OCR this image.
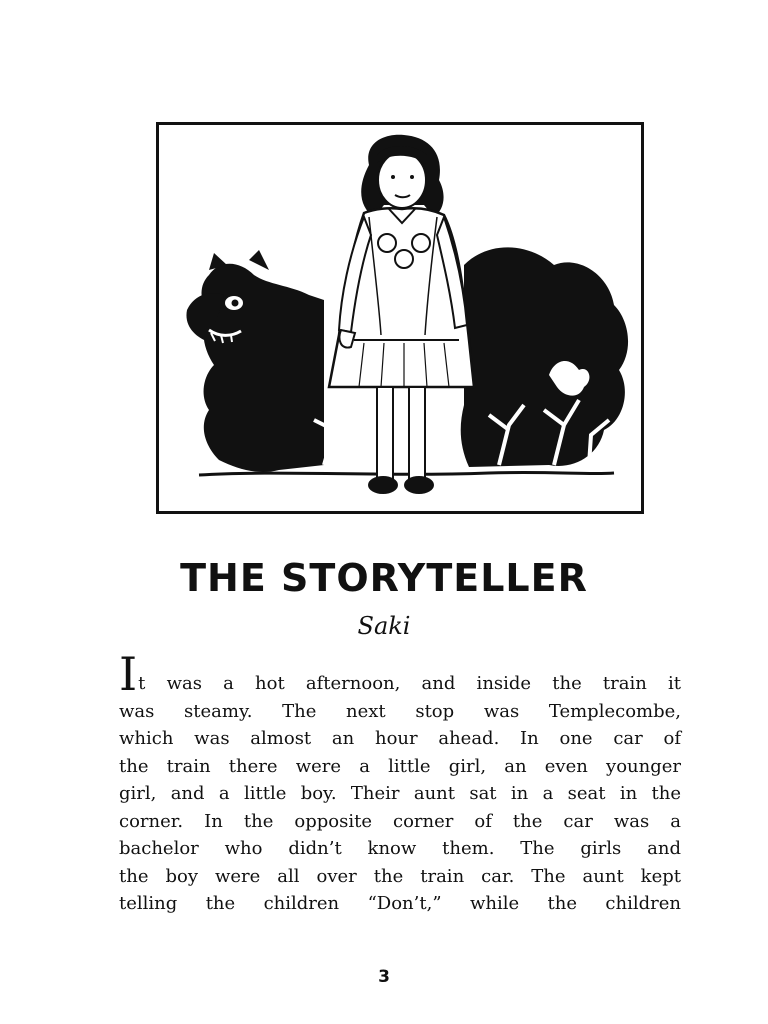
THE STORYTELLER

Saki

It was a hot afternoon, and inside the train it
was steamy. The next stop was Templecombe,
which was almost an hour ahead. In one car of
the train there were a little girl, an even younger
girl, and a little boy. Their aunt sat in a seat in the
corner. In the opposite corner of the car was a
bachelor who didn’t know them. The girls and
the boy were all over the train car. The aunt kept
telling the children “Don’t,” while the children

3
